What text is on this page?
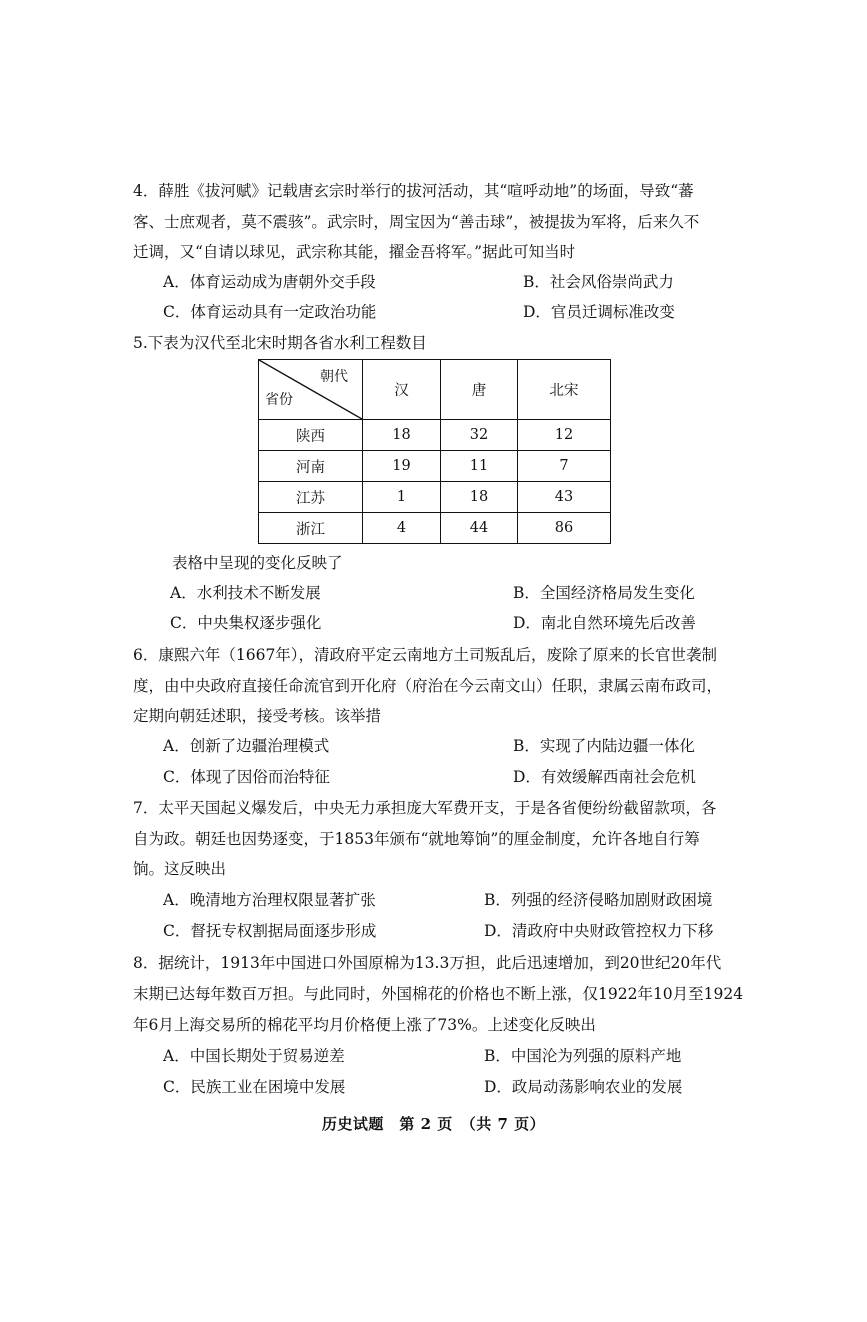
4．薛胜《拔河赋》记载唐玄宗时举行的拔河活动，其“喧呼动地”的场面，导致“蕃
客、士庶观者，莫不震骇”。武宗时，周宝因为“善击球”，被提拔为军将，后来久不
迁调，又“自请以球见，武宗称其能，擢金吾将军。”据此可知当时
A．体育运动成为唐朝外交手段	B．社会风俗崇尚武力
C．体育运动具有一定政治功能	D．官员迁调标准改变
5.下表为汉代至北宋时期各省水利工程数目
朝代
省份	汉	唐	北宋
陕西	18	32	12
河南	19	11	7
江苏	1	18	43
浙江	4	44	86
表格中呈现的变化反映了
A．水利技术不断发展	B．全国经济格局发生变化
C．中央集权逐步强化	D．南北自然环境先后改善
6．康熙六年（1667年），清政府平定云南地方土司叛乱后，废除了原来的长官世袭制
度，由中央政府直接任命流官到开化府（府治在今云南文山）任职，隶属云南布政司，
定期向朝廷述职，接受考核。该举措
A．创新了边疆治理模式	B．实现了内陆边疆一体化
C．体现了因俗而治特征	D．有效缓解西南社会危机
7．太平天国起义爆发后，中央无力承担庞大军费开支，于是各省便纷纷截留款项，各
自为政。朝廷也因势逐变，于1853年颁布“就地筹饷”的厘金制度，允许各地自行筹
饷。这反映出
A．晚清地方治理权限显著扩张	B．列强的经济侵略加剧财政困境
C．督抚专权割据局面逐步形成	D．清政府中央财政管控权力下移
8．据统计，1913年中国进口外国原棉为13.3万担，此后迅速增加，到20世纪20年代
末期已达每年数百万担。与此同时，外国棉花的价格也不断上涨，仅1922年10月至1924
年6月上海交易所的棉花平均月价格便上涨了73%。上述变化反映出
A．中国长期处于贸易逆差	B．中国沦为列强的原料产地
C．民族工业在困境中发展	D．政局动荡影响农业的发展
历史试题　第 2 页　（共 7 页）
